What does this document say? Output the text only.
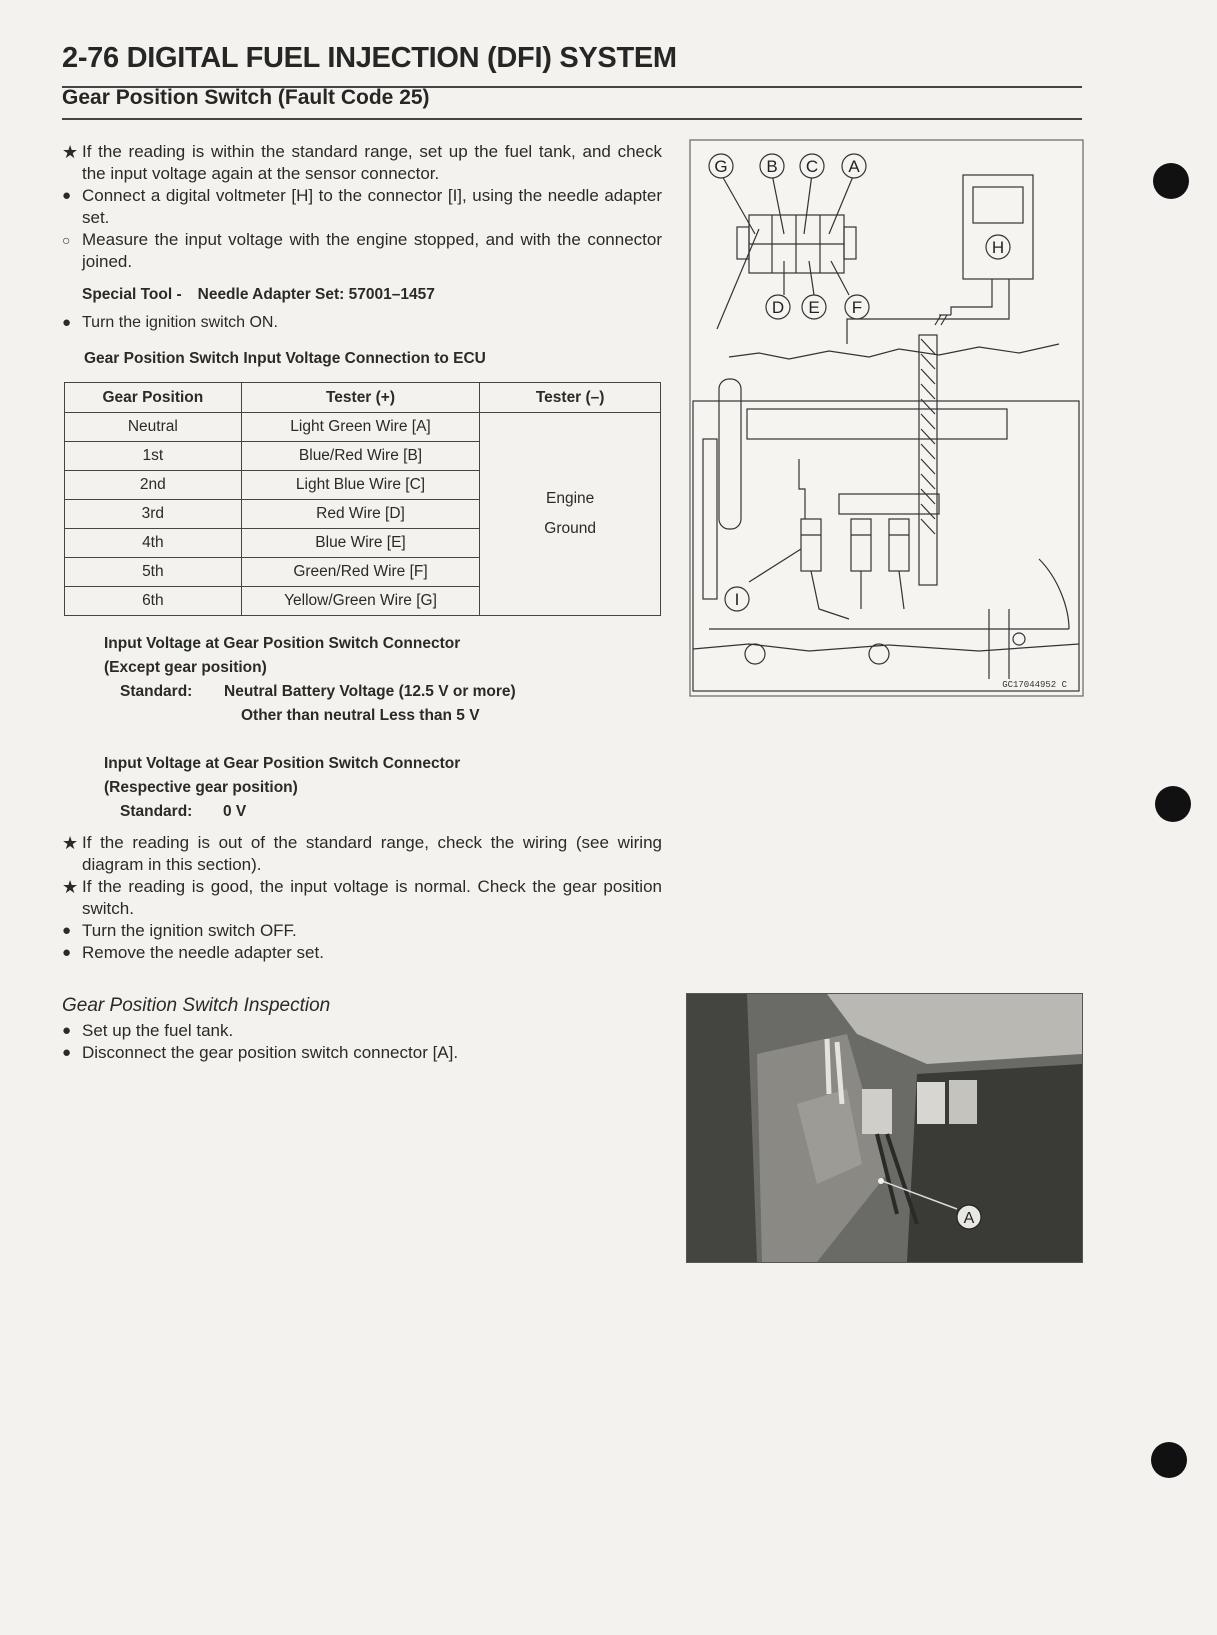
2-76 DIGITAL FUEL INJECTION (DFI) SYSTEM
Gear Position Switch (Fault Code 25)
★ If the reading is within the standard range, set up the fuel tank, and check the input voltage again at the sensor connector.
● Connect a digital voltmeter [H] to the connector [I], using the needle adapter set.
○ Measure the input voltage with the engine stopped, and with the connector joined.
Special Tool - Needle Adapter Set: 57001–1457
● Turn the ignition switch ON.
Gear Position Switch Input Voltage Connection to ECU
Gear Position	Tester (+)	Tester (–)
Neutral	Light Green Wire [A]	Engine
Ground
1st	Blue/Red Wire [B]	
2nd	Light Blue Wire [C]	
3rd	Red Wire [D]	
4th	Blue Wire [E]	
5th	Green/Red Wire [F]	
6th	Yellow/Green Wire [G]	
Input Voltage at Gear Position Switch Connector
(Except gear position)
Standard: Neutral Battery Voltage (12.5 V or more)
Other than neutral Less than 5 V
Input Voltage at Gear Position Switch Connector
(Respective gear position)
Standard: 0 V
★ If the reading is out of the standard range, check the wiring (see wiring diagram in this section).
★ If the reading is good, the input voltage is normal. Check the gear position switch.
● Turn the ignition switch OFF.
● Remove the needle adapter set.
Gear Position Switch Inspection
● Set up the fuel tank.
● Disconnect the gear position switch connector [A].
G B C A
D E F
H
I
GC17044952 C
A
